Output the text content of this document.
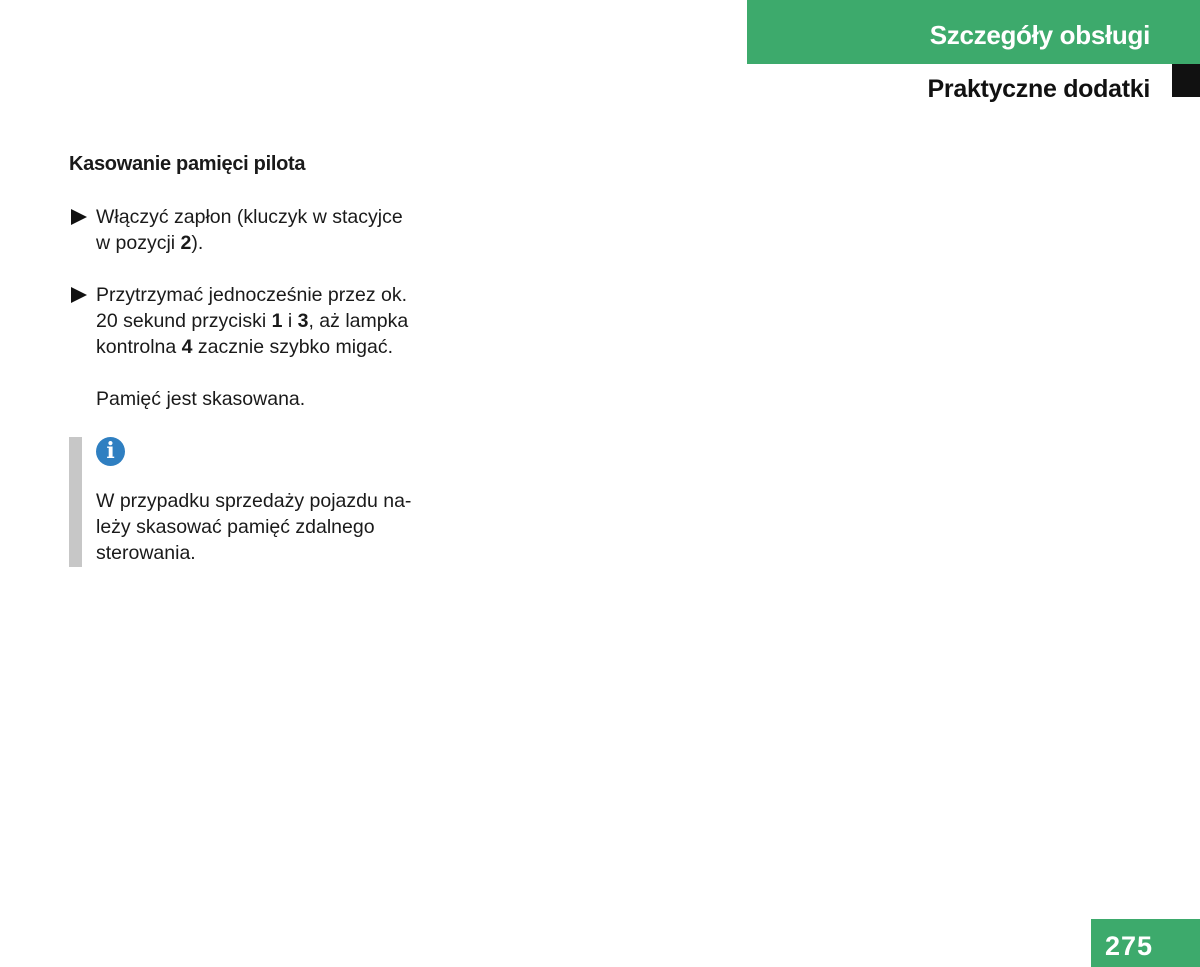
Szczegóły obsługi
Praktyczne dodatki
Kasowanie pamięci pilota
Włączyć zapłon (kluczyk w stacyjce
w pozycji 2).
Przytrzymać jednocześnie przez ok.
20 sekund przyciski 1 i 3, aż lampka
kontrolna 4 zacznie szybko migać.
Pamięć jest skasowana.
i
W przypadku sprzedaży pojazdu na-
leży skasować pamięć zdalnego
sterowania.
275
